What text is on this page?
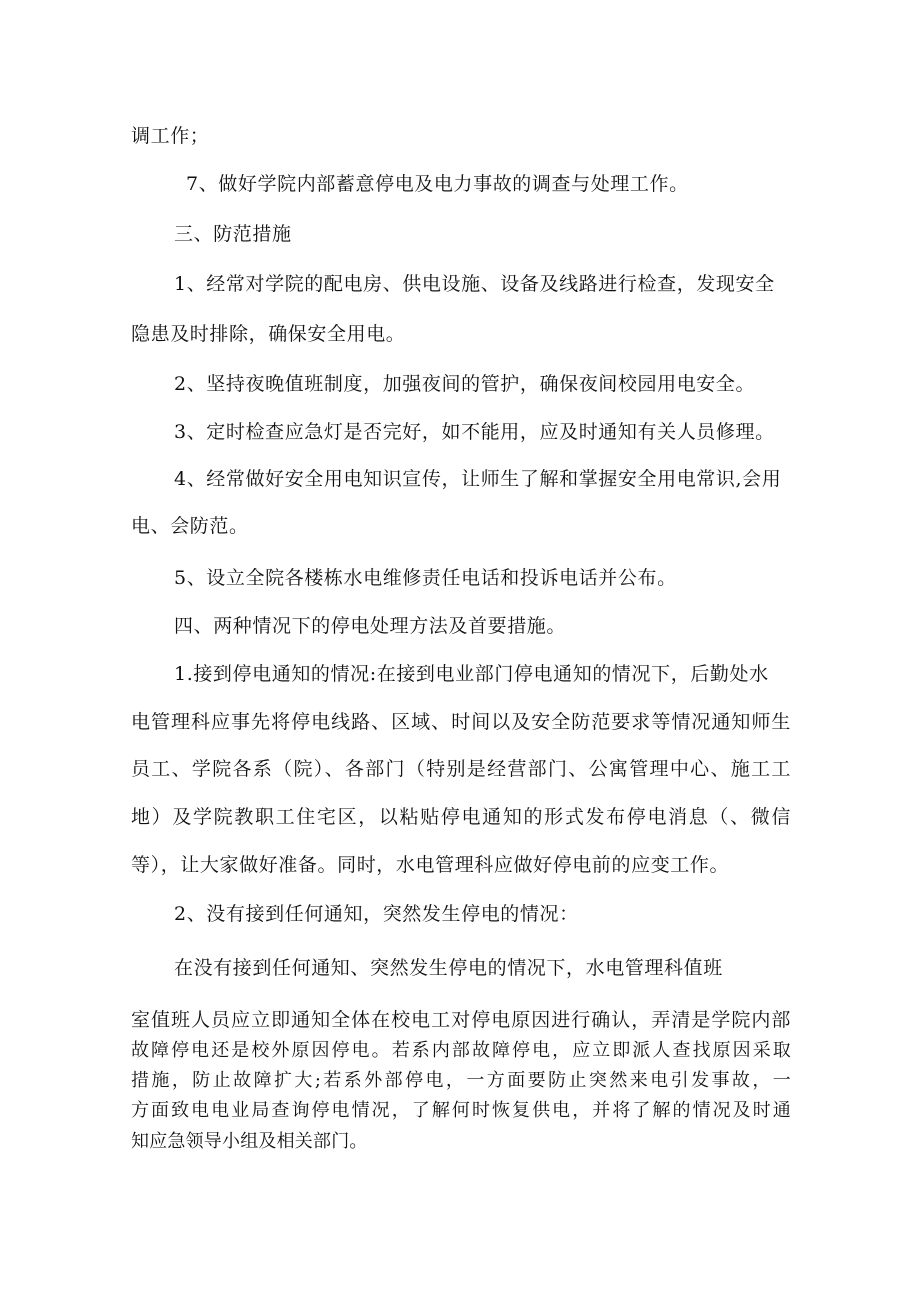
调工作；

7、做好学院内部蓄意停电及电力事故的调查与处理工作。

三、防范措施

1、经常对学院的配电房、供电设施、设备及线路进行检查，发现安全

隐患及时排除，确保安全用电。

2、坚持夜晚值班制度，加强夜间的管护，确保夜间校园用电安全。

3、定时检查应急灯是否完好，如不能用，应及时通知有关人员修理。

4、经常做好安全用电知识宣传，让师生了解和掌握安全用电常识,会用

电、会防范。

5、设立全院各楼栋水电维修责任电话和投诉电话并公布。

四、两种情况下的停电处理方法及首要措施。

1.接到停电通知的情况:在接到电业部门停电通知的情况下，后勤处水

电管理科应事先将停电线路、区域、时间以及安全防范要求等情况通知师生

员工、学院各系（院）、各部门（特别是经营部门、公寓管理中心、施工工

地）及学院教职工住宅区，以粘贴停电通知的形式发布停电消息（、微信

等），让大家做好准备。同时，水电管理科应做好停电前的应变工作。

2、没有接到任何通知，突然发生停电的情况：

在没有接到任何通知、突然发生停电的情况下，水电管理科值班

室值班人员应立即通知全体在校电工对停电原因进行确认，弄清是学院内部

故障停电还是校外原因停电。若系内部故障停电，应立即派人查找原因采取

措施，防止故障扩大;若系外部停电，一方面要防止突然来电引发事故，一

方面致电电业局查询停电情况，了解何时恢复供电，并将了解的情况及时通

知应急领导小组及相关部门。
